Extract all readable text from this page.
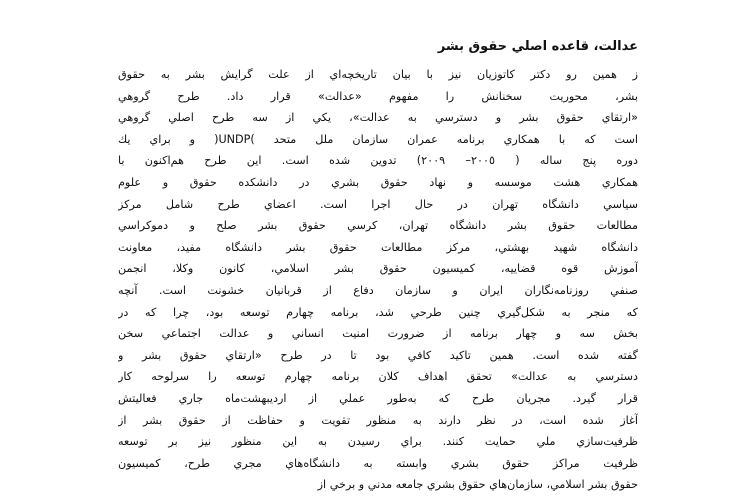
عدالت، قاعده اصلي حقوق بشر
ز همين رو دكتر كاتوزيان نيز با بيان تاريخچه‌اي از علت گرايش بشر به حقوق
بشر، محوريت سخنانش را مفهوم «عدالت» قرار داد. طرح گروهي
«ارتقاي حقوق بشر و دسترسي به عدالت»، يكي از سه طرح اصلي گروهي
است كه با همكاري برنامه عمران سازمان ملل متحد )UNDP( و براي يك
دوره پنج ساله ( ٢٠٠٥– ٢٠٠٩) تدوين شده است. اين طرح هم‌اكنون با
همكاري هشت موسسه و نهاد حقوق بشري در دانشكده حقوق و علوم
سياسي دانشگاه تهران در حال اجرا است. اعضاي طرح شامل مركز
مطالعات حقوق بشر دانشگاه تهران، كرسي حقوق بشر صلح و دموكراسي
دانشگاه شهيد بهشتي، مركز مطالعات حقوق بشر دانشگاه مفيد، معاونت
آموزش قوه قضاييه، كميسيون حقوق بشر اسلامي، كانون وكلا، انجمن
صنفي روزنامه‌نگاران ايران و سازمان دفاع از قربانيان خشونت است. آنچه
كه منجر به شكل‌گيري چنين طرحي شد، برنامه چهارم توسعه بود، چرا كه در
بخش سه و چهار برنامه از ضرورت امنيت انساني و عدالت اجتماعي سخن
گفته شده است. همين تاكيد كافي بود تا در طرح «ارتقاي حقوق بشر و
دسترسي به عدالت» تحقق اهداف كلان برنامه چهارم توسعه را سرلوحه كار
قرار گيرد. مجريان طرح كه به‌طور عملي از ارديبهشت‌ماه جاري فعاليتش
آغاز شده است، در نظر دارند به منظور تقويت و حفاظت از حقوق بشر از
ظرفيت‌سازي ملي حمايت كنند. براي رسيدن به اين منظور نيز بر توسعه
ظرفيت مراكز حقوق بشري وابسته به دانشگاه‌هاي مجري طرح، كميسيون
حقوق بشر اسلامي، سازمان‌هاي حقوق بشري جامعه مدني و برخي از
